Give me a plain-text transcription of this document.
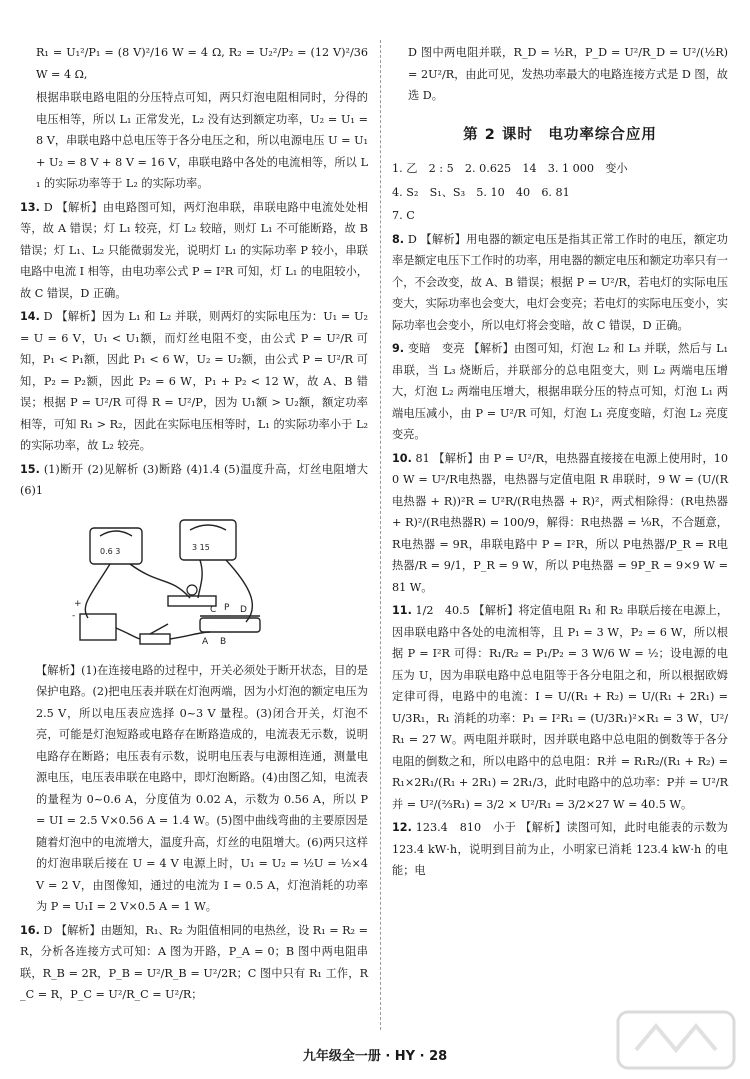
R₁ = U₁²/P₁ = (8 V)²/16 W = 4 Ω, R₂ = U₂²/P₂ = (12 V)²/36 W = 4 Ω,

根据串联电路电阻的分压特点可知，两只灯泡电阻相同时，分得的电压相等，所以 L₁ 正常发光，L₂ 没有达到额定功率，U₂ = U₁ = 8 V，串联电路中总电压等于各分电压之和，所以电源电压 U = U₁ + U₂ = 8 V + 8 V = 16 V，串联电路中各处的电流相等，所以 L₁ 的实际功率等于 L₂ 的实际功率。

13. D 【解析】由电路图可知，两灯泡串联，串联电路中电流处处相等，故 A 错误；灯 L₁ 较亮，灯 L₂ 较暗，则灯 L₁ 不可能断路，故 B 错误；灯 L₁、L₂ 只能微弱发光，说明灯 L₁ 的实际功率 P 较小，串联电路中电流 I 相等，由电功率公式 P = I²R 可知，灯 L₁ 的电阻较小，故 C 错误，D 正确。

14. D 【解析】因为 L₁ 和 L₂ 并联，则两灯的实际电压为：U₁ = U₂ = U = 6 V，U₁ < U₁额，而灯丝电阻不变，由公式 P = U²/R 可知，P₁ < P₁额，因此 P₁ < 6 W，U₂ = U₂额，由公式 P = U²/R 可知，P₂ = P₂额，因此 P₂ = 6 W，P₁ + P₂ < 12 W，故 A、B 错误；根据 P = U²/R 可得 R = U²/P，因为 U₁额 > U₂额，额定功率相等，可知 R₁ > R₂，因此在实际电压相等时，L₁ 的实际功率小于 L₂ 的实际功率，故 L₂ 较亮。

15. (1)断开 (2)见解析 (3)断路 (4)1.4 (5)温度升高，灯丝电阻增大 (6)1

-
+
C P D
A B
0.6 3	3 15

【解析】(1)在连接电路的过程中，开关必须处于断开状态，目的是保护电路。(2)把电压表并联在灯泡两端，因为小灯泡的额定电压为 2.5 V，所以电压表应选择 0~3 V 量程。(3)闭合开关，灯泡不亮，可能是灯泡短路或电路存在断路造成的，电流表无示数，说明电路存在断路；电压表有示数，说明电压表与电源相连通，测量电源电压，电压表串联在电路中，即灯泡断路。(4)由图乙知，电流表的量程为 0~0.6 A，分度值为 0.02 A，示数为 0.56 A，所以 P = UI = 2.5 V×0.56 A = 1.4 W。(5)图中曲线弯曲的主要原因是随着灯泡中的电流增大，温度升高，灯丝的电阻增大。(6)两只这样的灯泡串联后接在 U = 4 V 电源上时，U₁ = U₂ = ½U = ½×4 V = 2 V，由图像知，通过的电流为 I = 0.5 A，灯泡消耗的功率为 P = U₁I = 2 V×0.5 A = 1 W。

16. D 【解析】由题知，R₁、R₂ 为阻值相同的电热丝，设 R₁ = R₂ = R，分析各连接方式可知：A 图为开路，P_A = 0；B 图中两电阻串联，R_B = 2R，P_B = U²/R_B = U²/2R；C 图中只有 R₁ 工作，R_C = R，P_C = U²/R_C = U²/R；

D 图中两电阻并联，R_D = ½R，P_D = U²/R_D = U²/(½R) = 2U²/R，由此可见，发热功率最大的电路连接方式是 D 图，故选 D。

第 2 课时　电功率综合应用

1. 乙　2 : 5　2. 0.625　14　3. 1 000　变小

4. S₂　S₁、S₃　5. 10　40　6. 81

7. C

8. D 【解析】用电器的额定电压是指其正常工作时的电压，额定功率是额定电压下工作时的功率，用电器的额定电压和额定功率只有一个，不会改变，故 A、B 错误；根据 P = U²/R，若电灯的实际电压变大，实际功率也会变大，电灯会变亮；若电灯的实际电压变小，实际功率也会变小，所以电灯将会变暗，故 C 错误，D 正确。

9. 变暗　变亮 【解析】由图可知，灯泡 L₂ 和 L₃ 并联，然后与 L₁ 串联，当 L₃ 烧断后，并联部分的总电阻变大，则 L₂ 两端电压增大，灯泡 L₂ 两端电压增大，根据串联分压的特点可知，灯泡 L₁ 两端电压减小，由 P = U²/R 可知，灯泡 L₁ 亮度变暗，灯泡 L₂ 亮度变亮。

10. 81 【解析】由 P = U²/R，电热器直接接在电源上使用时，100 W = U²/R电热器，电热器与定值电阻 R 串联时，9 W = (U/(R电热器 + R))²R = U²R/(R电热器 + R)²，两式相除得：(R电热器 + R)²/(R电热器R) = 100/9，解得：R电热器 = ⅑R，不合题意，R电热器 = 9R，串联电路中 P = I²R，所以 P电热器/P_R = R电热器/R = 9/1，P_R = 9 W，所以 P电热器 = 9P_R = 9×9 W = 81 W。

11. 1/2　40.5 【解析】将定值电阻 R₁ 和 R₂ 串联后接在电源上，因串联电路中各处的电流相等，且 P₁ = 3 W，P₂ = 6 W，所以根据 P = I²R 可得：R₁/R₂ = P₁/P₂ = 3 W/6 W = ½；设电源的电压为 U，因为串联电路中总电阻等于各分电阻之和，所以根据欧姆定律可得，电路中的电流：I = U/(R₁ + R₂) = U/(R₁ + 2R₁) = U/3R₁，R₁ 消耗的功率：P₁ = I²R₁ = (U/3R₁)²×R₁ = 3 W，U²/R₁ = 27 W。两电阻并联时，因并联电路中总电阻的倒数等于各分电阻的倒数之和，所以电路中的总电阻：R并 = R₁R₂/(R₁ + R₂) = R₁×2R₁/(R₁ + 2R₁) = 2R₁/3，此时电路中的总功率：P并 = U²/R并 = U²/(⅔R₁) = 3/2 × U²/R₁ = 3/2×27 W = 40.5 W。

12. 123.4　810　小于 【解析】读图可知，此时电能表的示数为 123.4 kW·h，说明到目前为止，小明家已消耗 123.4 kW·h 的电能；电

九年级全一册 · HY · 28
